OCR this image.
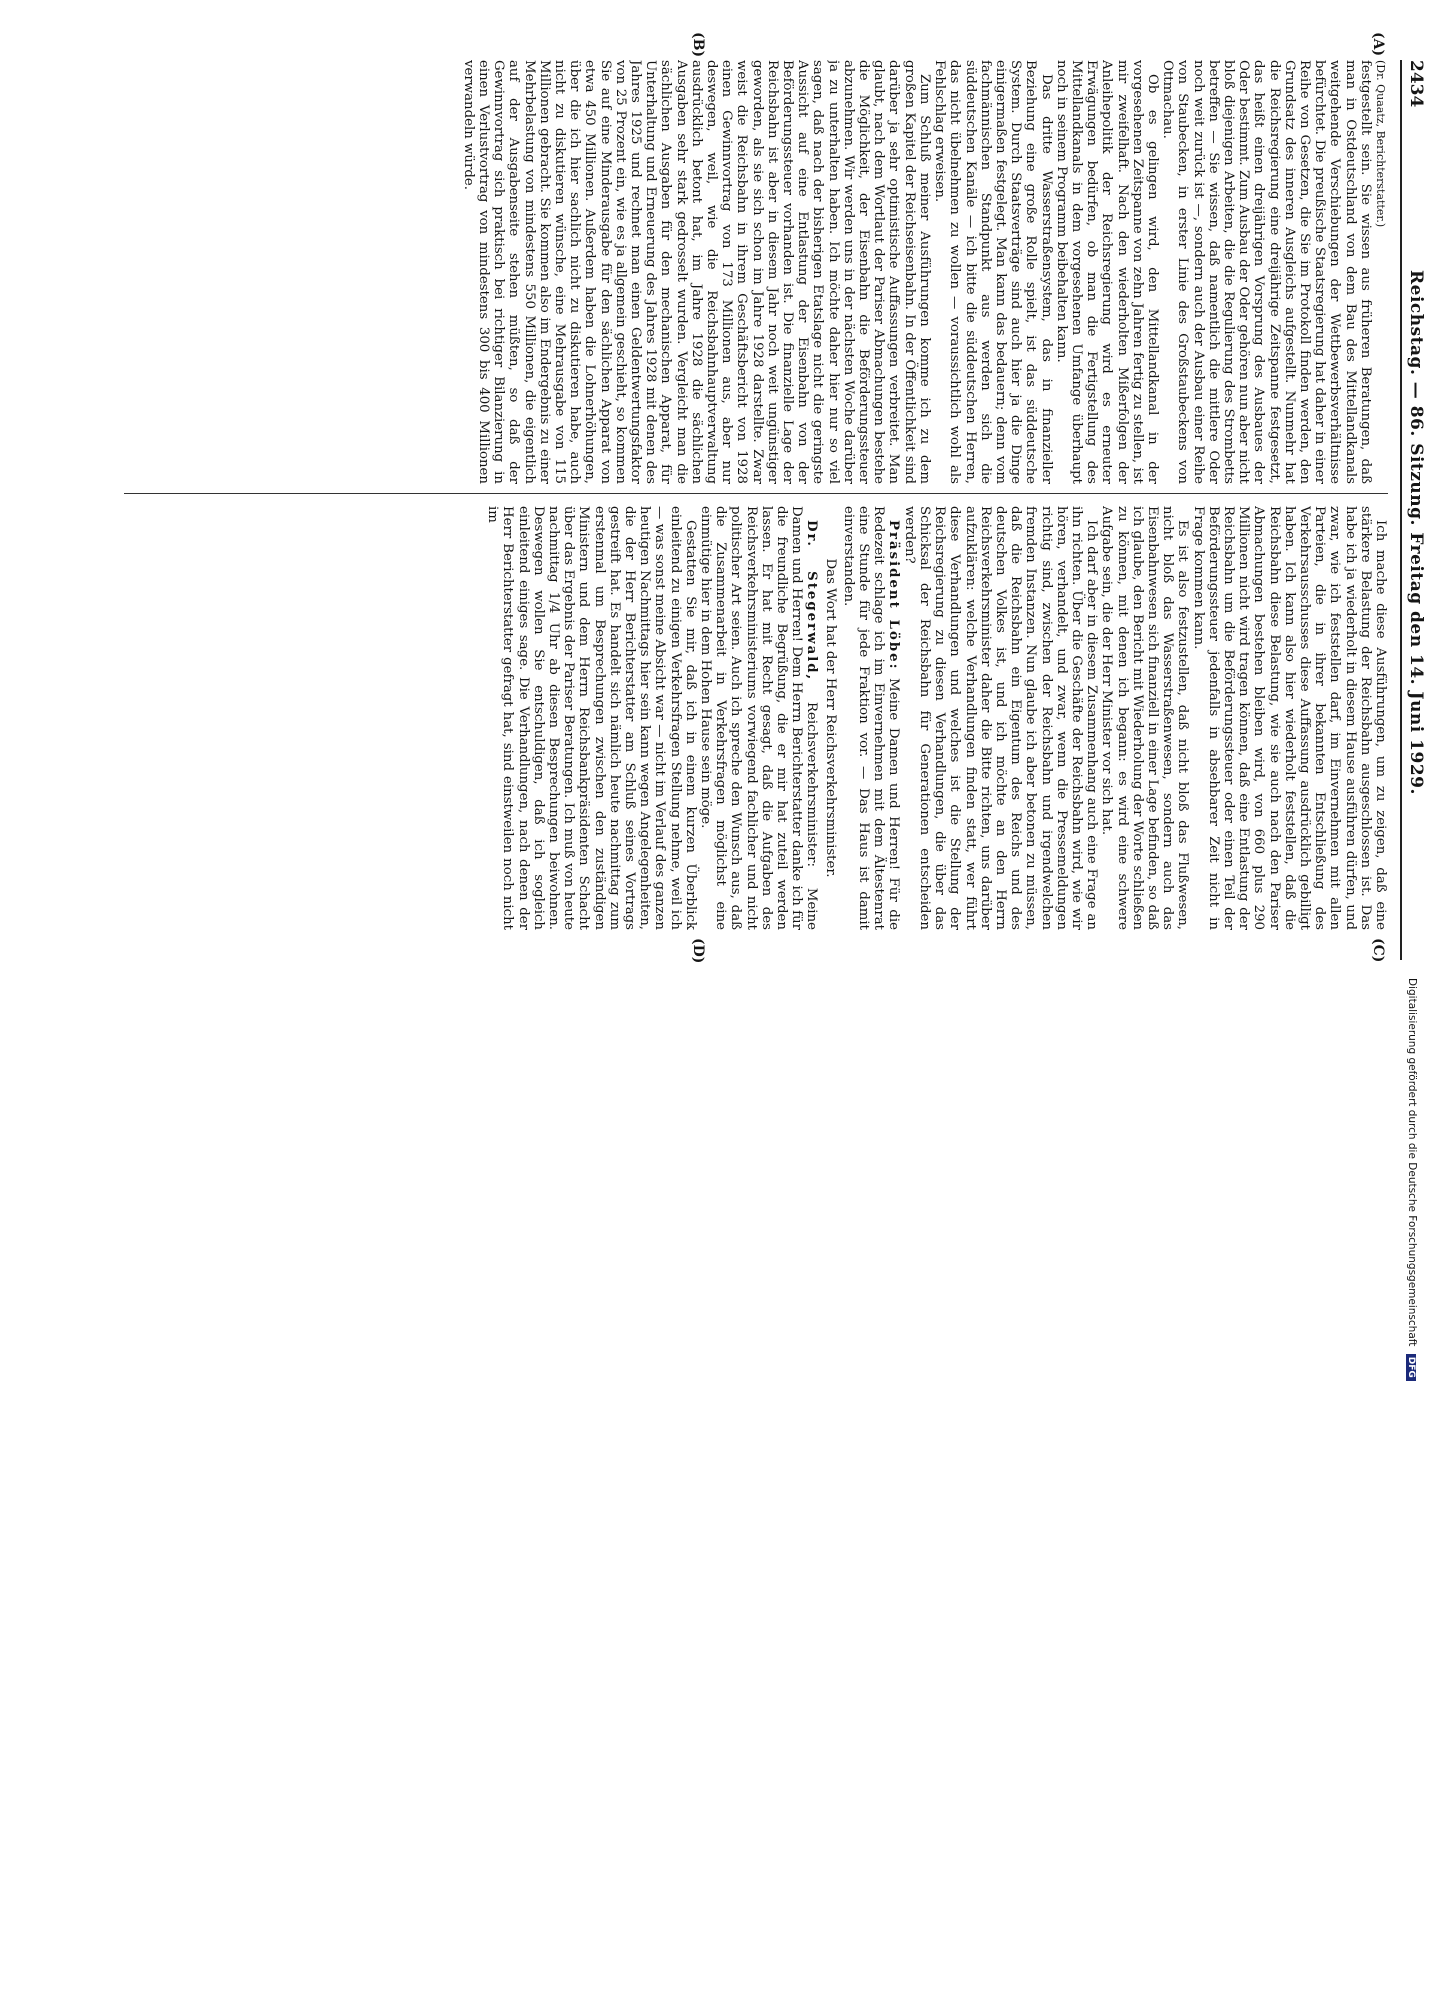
2434
Reichstag. — 86. Sitzung. Freitag den 14. Juni 1929.
(A)
(B)
(C)
(D)

(Dr. Quaatz, Berichterstatter.)

festgestellt sein. Sie wissen aus früheren Beratungen, daß man in Ostdeutschland von dem Bau des Mittellandkanals weitgehende Verschiebungen der Wettbewerbsverhältnisse befürchtet. Die preußische Staatsregierung hat daher in einer Reihe von Gesetzen, die Sie im Protokoll finden werden, den Grundsatz des inneren Ausgleichs aufgestellt. Nunmehr hat die Reichsregierung eine dreijährige Zeitspanne festgesetzt, das heißt einen dreijährigen Vorsprung des Ausbaues der Oder bestimmt. Zum Ausbau der Oder gehören nun aber nicht bloß diejenigen Arbeiten, die die Regulierung des Strombetts betreffen — Sie wissen, daß namentlich die mittlere Oder noch weit zurück ist —, sondern auch der Ausbau einer Reihe von Staubecken, in erster Linie des Großstaubeckens von Ottmachau.

Ob es gelingen wird, den Mittellandkanal in der vorgesehenen Zeitspanne von zehn Jahren fertig zu stellen, ist mir zweifelhaft. Nach den wiederholten Mißerfolgen der Anleihepolitik der Reichsregierung wird es erneuter Erwägungen bedürfen, ob man die Fertigstellung des Mittellandkanals in dem vorgesehenen Umfange überhaupt noch in seinem Programm beibehalten kann.

Das dritte Wasserstraßensystem, das in finanzieller Beziehung eine große Rolle spielt, ist das süddeutsche System. Durch Staatsverträge sind auch hier ja die Dinge einigermaßen festgelegt. Man kann das bedauern; denn vom fachmännischen Standpunkt aus werden sich die süddeutschen Kanäle — ich bitte die süddeutschen Herren, das nicht übelnehmen zu wollen — voraussichtlich wohl als Fehlschlag erweisen.

Zum Schluß meiner Ausführungen komme ich zu dem großen Kapitel der Reichseisenbahn. In der Öffentlichkeit sind darüber ja sehr optimistische Auffassungen verbreitet. Man glaubt, nach dem Wortlaut der Pariser Abmachungen bestehe die Möglichkeit, der Eisenbahn die Beförderungssteuer abzunehmen. Wir werden uns in der nächsten Woche darüber ja zu unterhalten haben. Ich möchte daher hier nur so viel sagen, daß nach der bisherigen Etatslage nicht die geringste Aussicht auf eine Entlastung der Eisenbahn von der Beförderungssteuer vorhanden ist. Die finanzielle Lage der Reichsbahn ist aber in diesem Jahr noch weit ungünstiger geworden, als sie sich schon im Jahre 1928 darstellte. Zwar weist die Reichsbahn in ihrem Geschäftsbericht von 1928 einen Gewinnvortrag von 173 Millionen aus, aber nur deswegen, weil, wie die Reichsbahnhauptverwaltung ausdrücklich betont hat, im Jahre 1928 die sächlichen Ausgaben sehr stark gedrosselt wurden. Vergleicht man die sächlichen Ausgaben für den mechanischen Apparat, für Unterhaltung und Erneuerung des Jahres 1928 mit denen des Jahres 1925 und rechnet man einen Geldentwertungsfaktor von 25 Prozent ein, wie es ja allgemein geschieht, so kommen Sie auf eine Minderausgabe für den sächlichen Apparat von etwa 450 Millionen. Außerdem haben die Lohnerhöhungen, über die ich hier sachlich nicht zu diskutieren habe, auch nicht zu diskutieren wünsche, eine Mehrausgabe von 115 Millionen gebracht. Sie kommen also im Endergebnis zu einer Mehrbelastung von mindestens 550 Millionen, die eigentlich auf der Ausgabenseite stehen müßten, so daß der Gewinnvortrag sich praktisch bei richtiger Bilanzierung in einen Verlustvortrag von mindestens 300 bis 400 Millionen verwandeln würde.

Ich mache diese Ausführungen, um zu zeigen, daß eine stärkere Belastung der Reichsbahn ausgeschlossen ist. Das habe ich ja wiederholt in diesem Hause ausführen dürfen, und zwar, wie ich feststellen darf, im Einvernehmen mit allen Parteien, die in ihrer bekannten Entschließung des Verkehrsausschusses diese Auffassung ausdrücklich gebilligt haben. Ich kann also hier wiederholt feststellen, daß die Reichsbahn diese Belastung, wie sie auch nach den Pariser Abmachungen bestehen bleiben wird, von 660 plus 290 Millionen nicht wird tragen können, daß eine Entlastung der Reichsbahn um die Beförderungssteuer oder einen Teil der Beförderungssteuer jedenfalls in absehbarer Zeit nicht in Frage kommen kann.

Es ist also festzustellen, daß nicht bloß das Flußwesen, nicht bloß das Wasserstraßenwesen, sondern auch das Eisenbahnwesen sich finanziell in einer Lage befinden, so daß ich glaube, den Bericht mit Wiederholung der Worte schließen zu können, mit denen ich begann: es wird eine schwere Aufgabe sein, die der Herr Minister vor sich hat.

Ich darf aber in diesem Zusammenhang auch eine Frage an ihn richten. Über die Geschäfte der Reichsbahn wird, wie wir hören, verhandelt, und zwar, wenn die Pressemeldungen richtig sind, zwischen der Reichsbahn und irgendwelchen fremden Instanzen. Nun glaube ich aber betonen zu müssen, daß die Reichsbahn ein Eigentum des Reichs und des deutschen Volkes ist, und ich möchte an den Herrn Reichsverkehrsminister daher die Bitte richten, uns darüber aufzuklären: welche Verhandlungen finden statt, wer führt diese Verhandlungen und welches ist die Stellung der Reichsregierung zu diesen Verhandlungen, die über das Schicksal der Reichsbahn für Generationen entscheiden werden?

Präsident Löbe: Meine Damen und Herren! Für die Redezeit schlage ich im Einvernehmen mit dem Ältestenrat eine Stunde für jede Fraktion vor. — Das Haus ist damit einverstanden.

Das Wort hat der Herr Reichsverkehrsminister.

Dr. Stegerwald, Reichsverkehrsminister: Meine Damen und Herren! Dem Herrn Berichterstatter danke ich für die freundliche Begrüßung, die er mir hat zuteil werden lassen. Er hat mit Recht gesagt, daß die Aufgaben des Reichsverkehrsministeriums vorwiegend fachlicher und nicht politischer Art seien. Auch ich spreche den Wunsch aus, daß die Zusammenarbeit in Verkehrsfragen möglichst eine einmütige hier in dem Hohen Hause sein möge.

Gestatten Sie mir, daß ich in einem kurzen Überblick einleitend zu einigen Verkehrsfragen Stellung nehme, weil ich — was sonst meine Absicht war — nicht im Verlauf des ganzen heutigen Nachmittags hier sein kann wegen Angelegenheiten, die der Herr Berichterstatter am Schluß seines Vortrags gestreift hat. Es handelt sich nämlich heute nachmittag zum erstenmal um Besprechungen zwischen den zuständigen Ministern und dem Herrn Reichsbankpräsidenten Schacht über das Ergebnis der Pariser Beratungen. Ich muß von heute nachmittag 1/4 Uhr ab diesen Besprechungen beiwohnen. Deswegen wollen Sie entschuldigen, daß ich sogleich einleitend einiges sage. Die Verhandlungen, nach denen der Herr Berichterstatter gefragt hat, sind einstweilen noch nicht im

Digitalisierung gefördert durch die Deutsche Forschungsgemeinschaft DFG
